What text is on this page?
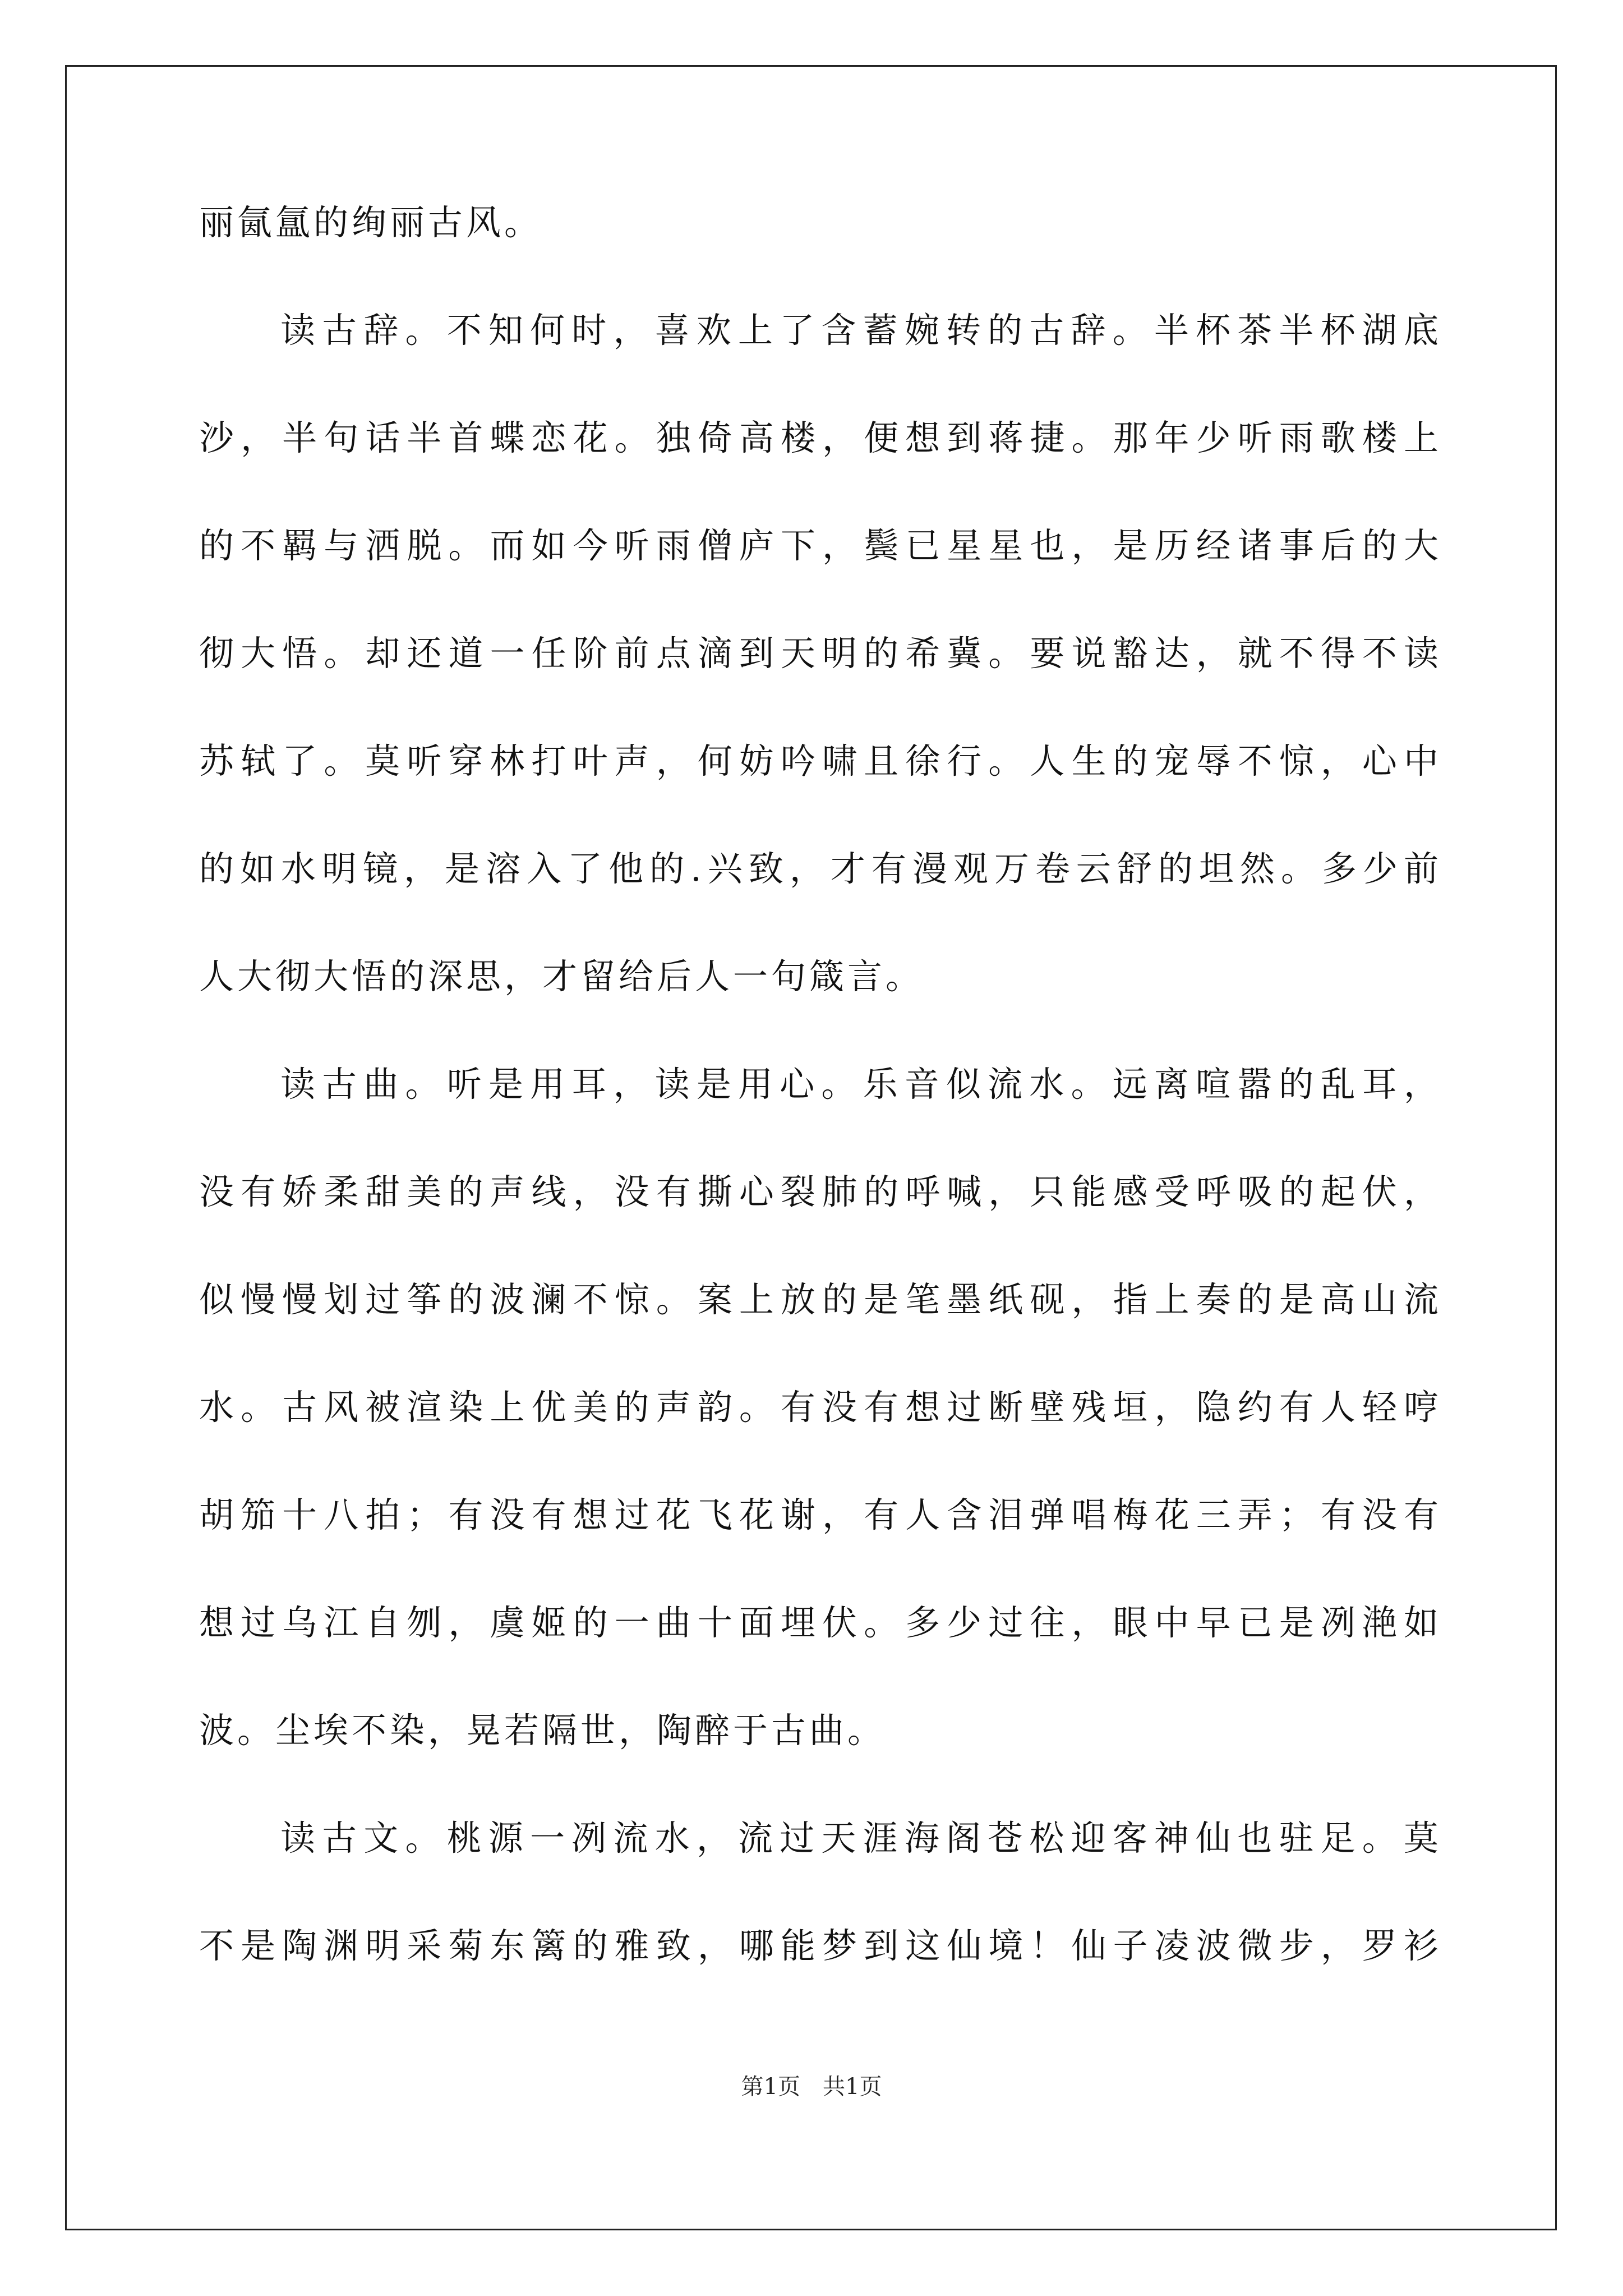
丽氤氲的绚丽古风。
读古辞。不知何时，喜欢上了含蓄婉转的古辞。半杯茶半杯湖底
沙，半句话半首蝶恋花。独倚高楼，便想到蒋捷。那年少听雨歌楼上
的不羁与洒脱。而如今听雨僧庐下，鬓已星星也，是历经诸事后的大
彻大悟。却还道一任阶前点滴到天明的希冀。要说豁达，就不得不读
苏轼了。莫听穿林打叶声，何妨吟啸且徐行。人生的宠辱不惊，心中
的如水明镜，是溶入了他的.兴致，才有漫观万卷云舒的坦然。多少前
人大彻大悟的深思，才留给后人一句箴言。
读古曲。听是用耳，读是用心。乐音似流水。远离喧嚣的乱耳，
没有娇柔甜美的声线，没有撕心裂肺的呼喊，只能感受呼吸的起伏，
似慢慢划过筝的波澜不惊。案上放的是笔墨纸砚，指上奏的是高山流
水。古风被渲染上优美的声韵。有没有想过断壁残垣，隐约有人轻哼
胡笳十八拍；有没有想过花飞花谢，有人含泪弹唱梅花三弄；有没有
想过乌江自刎，虞姬的一曲十面埋伏。多少过往，眼中早已是冽滟如
波。尘埃不染，晃若隔世，陶醉于古曲。
读古文。桃源一冽流水，流过天涯海阁苍松迎客神仙也驻足。莫
不是陶渊明采菊东篱的雅致，哪能梦到这仙境！仙子凌波微步，罗衫
第1页　共1页
